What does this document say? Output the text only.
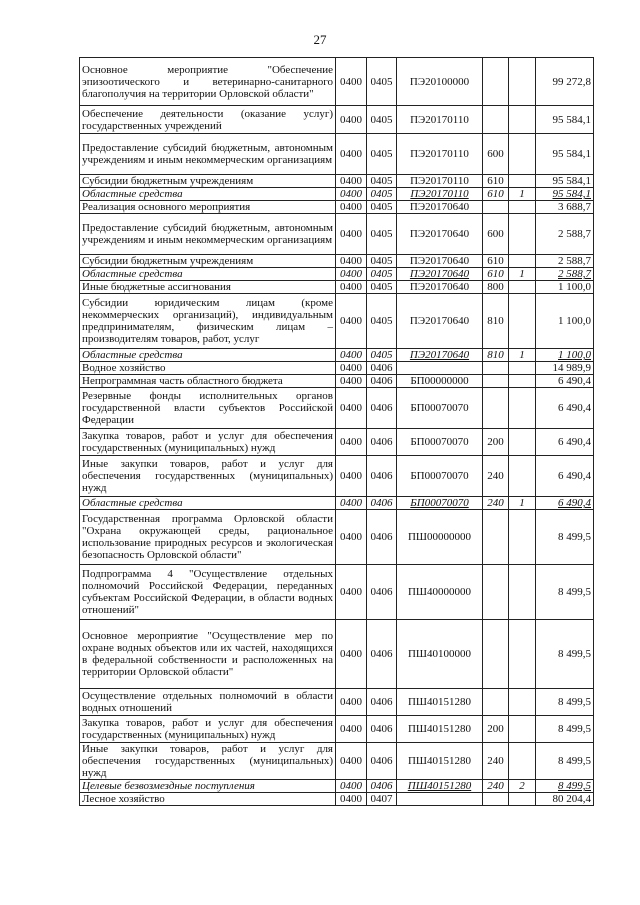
27
Основное мероприятие "Обеспечение эпизоотического и ветеринарно-санитарного благополучия на территории Орловской области"	0400	0405	ПЭ20100000			99 272,8
Обеспечение деятельности (оказание услуг) государственных учреждений	0400	0405	ПЭ20170110			95 584,1
Предоставление субсидий бюджетным, автономным учреждениям и иным некоммерческим организациям	0400	0405	ПЭ20170110	600		95 584,1
Субсидии бюджетным учреждениям	0400	0405	ПЭ20170110	610		95 584,1
Областные средства	0400	0405	ПЭ20170110	610	1	95 584,1
Реализация основного мероприятия	0400	0405	ПЭ20170640			3 688,7
Предоставление субсидий бюджетным, автономным учреждениям и иным некоммерческим организациям	0400	0405	ПЭ20170640	600		2 588,7
Субсидии бюджетным учреждениям	0400	0405	ПЭ20170640	610		2 588,7
Областные средства	0400	0405	ПЭ20170640	610	1	2 588,7
Иные бюджетные ассигнования	0400	0405	ПЭ20170640	800		1 100,0
Субсидии юридическим лицам (кроме некоммерческих организаций), индивидуальным предпринимателям, физическим лицам – производителям товаров, работ, услуг	0400	0405	ПЭ20170640	810		1 100,0
Областные средства	0400	0405	ПЭ20170640	810	1	1 100,0
Водное хозяйство	0400	0406				14 989,9
Непрограммная часть областного бюджета	0400	0406	БП00000000			6 490,4
Резервные фонды исполнительных органов государственной власти субъектов Российской Федерации	0400	0406	БП00070070			6 490,4
Закупка товаров, работ и услуг для обеспечения государственных (муниципальных) нужд	0400	0406	БП00070070	200		6 490,4
Иные закупки товаров, работ и услуг для обеспечения государственных (муниципальных) нужд	0400	0406	БП00070070	240		6 490,4
Областные средства	0400	0406	БП00070070	240	1	6 490,4
Государственная программа Орловской области "Охрана окружающей среды, рациональное использование природных ресурсов и экологическая безопасность Орловской области"	0400	0406	ПШ00000000			8 499,5
Подпрограмма 4 "Осуществление отдельных полномочий Российской Федерации, переданных субъектам Российской Федерации, в области водных отношений"	0400	0406	ПШ40000000			8 499,5
Основное мероприятие "Осуществление мер по охране водных объектов или их частей, находящихся в федеральной собственности и расположенных на территории Орловской области"	0400	0406	ПШ40100000			8 499,5
Осуществление отдельных полномочий в области водных отношений	0400	0406	ПШ40151280			8 499,5
Закупка товаров, работ и услуг для обеспечения государственных (муниципальных) нужд	0400	0406	ПШ40151280	200		8 499,5
Иные закупки товаров, работ и услуг для обеспечения государственных (муниципальных) нужд	0400	0406	ПШ40151280	240		8 499,5
Целевые безвозмездные поступления	0400	0406	ПШ40151280	240	2	8 499,5
Лесное хозяйство	0400	0407				80 204,4
